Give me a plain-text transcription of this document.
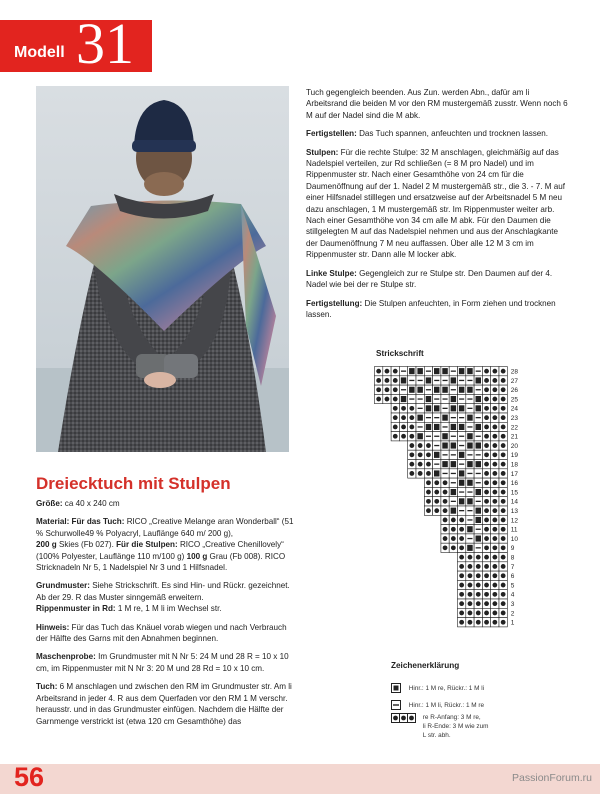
Modell 31
Dreiecktuch mit Stulpen

Größe: ca 40 x 240 cm

Material: Für das Tuch: RICO „Creative Melange aran Wonderball“ (51 % Schurwolle49 % Polyacryl, Lauflänge 640 m/ 200 g),
200 g Skies (Fb 027). Für die Stulpen: RICO „Creative Chenillovely“ (100% Polyester, Lauflänge 110 m/100 g) 100 g Grau (Fb 008). RICO Stricknadeln Nr 5, 1 Nadelspiel Nr 3 und 1 Hilfsnadel.

Grundmuster: Siehe Strickschrift. Es sind Hin- und Rückr. gezeichnet. Ab der 29. R das Muster sinngemäß erweitern.
Rippenmuster in Rd: 1 M re, 1 M li im Wechsel str.

Hinweis: Für das Tuch das Knäuel vorab wiegen und nach Verbrauch der Hälfte des Garns mit den Abnahmen beginnen.

Maschenprobe: Im Grundmuster mit N Nr 5: 24 M und 28 R = 10 x 10 cm, im Rippenmuster mit N Nr 3: 20 M und 28 Rd = 10 x 10 cm.

Tuch: 6 M anschlagen und zwischen den RM im Grundmuster str. Am li Arbeitsrand in jeder 4. R aus dem Querfaden vor den RM 1 M verschr. herausstr. und in das Grundmuster einfügen. Nachdem die Hälfte der Garnmenge verstrickt ist (etwa 120 cm Gesamthöhe) das

Tuch gegengleich beenden. Aus Zun. werden Abn., dafür am li Arbeitsrand die beiden M vor den RM mustergemäß zusstr. Wenn noch 6 M auf der Nadel sind die M abk.

Fertigstellen: Das Tuch spannen, anfeuchten und trocknen lassen.

Stulpen: Für die rechte Stulpe: 32 M anschlagen, gleichmäßig auf das Nadelspiel verteilen, zur Rd schließen (= 8 M pro Nadel) und im Rippenmuster str. Nach einer Gesamthöhe von 24 cm für die Daumenöffnung auf der 1. Nadel 2 M mustergemäß str., die 3. - 7. M auf einer Hilfsnadel stilllegen und ersatzweise auf der Arbeitsnadel 5 M neu dazu anschlagen, 1 M mustergemäß str. Im Rippenmuster weiter arb. Nach einer Gesamthöhe von 34 cm alle M abk. Für den Daumen die stillgelegten M auf das Nadelspiel nehmen und aus der Anschlagkante der Daumenöffnung 7 M neu auffassen. Über alle 12 M 3 cm im Rippenmuster str. Dann alle M locker abk.

Linke Stulpe: Gegengleich zur re Stulpe str. Den Daumen auf der 4. Nadel wie bei der re Stulpe str.

Fertigstellung: Die Stulpen anfeuchten, in Form ziehen und trocknen lassen.

Strickschrift
28
27
26
25
24
23
22
21
20
19
18
17
16
15
14
13
12
11
10
9
8
7
6
5
4
3
2
1
Zeichenerklärung
Hinr.: 1 M re, Rückr.: 1 M li
Hinr.: 1 M li, Rückr.: 1 M re
re R-Anfang: 3 M re,
li R-Ende: 3 M wie zum
L str. abh.
56	PassionForum.ru
